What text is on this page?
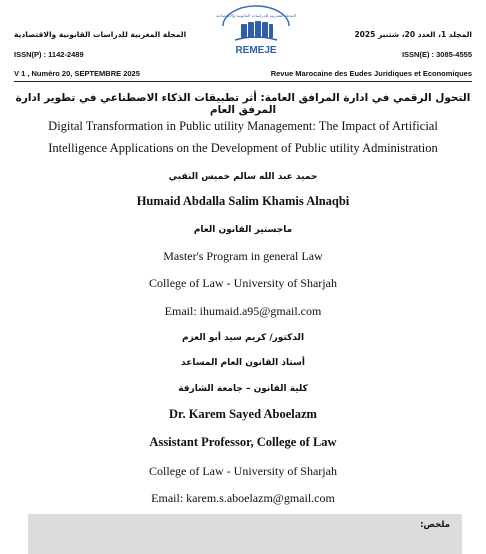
المجلة المغربية للدراسات القانونية والاقتصادية
ISSN(P) : 1142-2489
V 1 , Numéro 20, SEPTEMBRE 2025
المجلد 1، العدد 20، شتنبر 2025
ISSN(E) : 3085-4555
Revue Marocaine des Eudes Juridiques et Economiques
المجلة المغربية للدراسات القانونية والاقتصادية
REMEJE
التحول الرقمي في ادارة المرافق العامة: أثر تطبيقات الذكاء الاصطناعي في تطوير ادارة المرفق العام
Digital Transformation in Public utility Management: The Impact of Artificial
Intelligence Applications on the Development of Public utility Administration
حميد عبد الله سالم خميس النقبي
Humaid Abdalla Salim Khamis Alnaqbi
ماجستير القانون العام
Master's Program in general Law
College of Law - University of Sharjah
Email: ihumaid.a95@gmail.com
الدكتور/ كريم سيد أبو العزم
أستاذ القانون العام المساعد
كلية القانون – جامعة الشارقة
Dr. Karem Sayed Aboelazm
Assistant Professor, College of Law
College of Law - University of Sharjah
Email: karem.s.aboelazm@gmail.com
ملخص:
